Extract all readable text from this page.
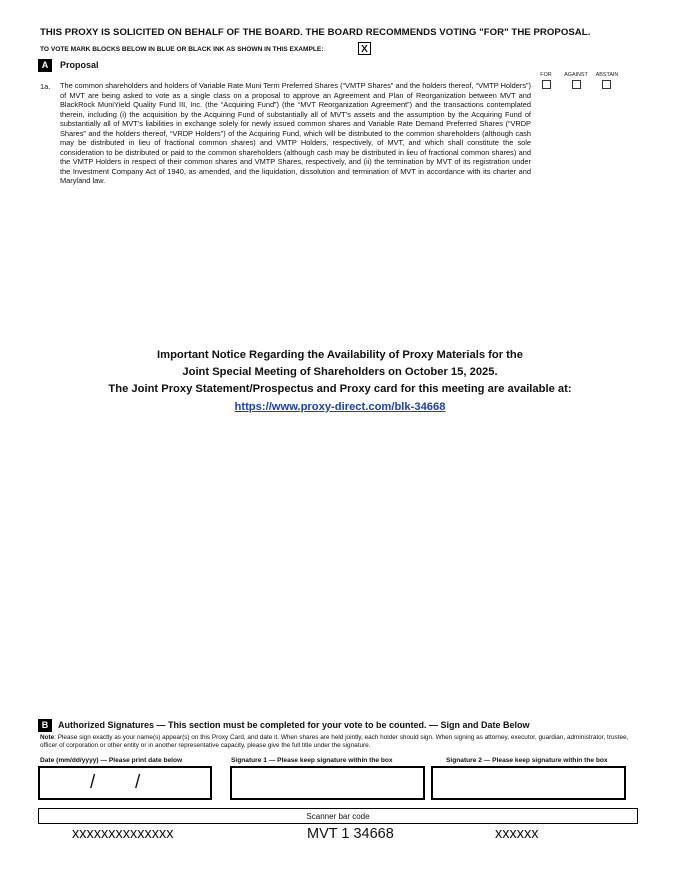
THIS PROXY IS SOLICITED ON BEHALF OF THE BOARD. THE BOARD RECOMMENDS VOTING "FOR" THE PROPOSAL.
TO VOTE MARK BLOCKS BELOW IN BLUE OR BLACK INK AS SHOWN IN THIS EXAMPLE:	X
A	Proposal
FOR	AGAINST	ABSTAIN
1a. The common shareholders and holders of Variable Rate Muni Term Preferred Shares (“VMTP Shares” and the holders thereof, “VMTP Holders”) of MVT are being asked to vote as a single class on a proposal to approve an Agreement and Plan of Reorganization between MVT and BlackRock MuniYield Quality Fund III, Inc. (the “Acquiring Fund”) (the “MVT Reorganization Agreement”) and the transactions contemplated therein, including (i) the acquisition by the Acquiring Fund of substantially all of MVT’s assets and the assumption by the Acquiring Fund of substantially all of MVT’s liabilities in exchange solely for newly issued common shares and Variable Rate Demand Preferred Shares (“VRDP Shares” and the holders thereof, “VRDP Holders”) of the Acquiring Fund, which will be distributed to the common shareholders (although cash may be distributed in lieu of fractional common shares) and VMTP Holders, respectively, of MVT, and which shall constitute the sole consideration to be distributed or paid to the common shareholders (although cash may be distributed in lieu of fractional common shares) and the VMTP Holders in respect of their common shares and VMTP Shares, respectively, and (ii) the termination by MVT of its registration under the Investment Company Act of 1940, as amended, and the liquidation, dissolution and termination of MVT in accordance with its charter and Maryland law.
Important Notice Regarding the Availability of Proxy Materials for the
Joint Special Meeting of Shareholders on October 15, 2025.
The Joint Proxy Statement/Prospectus and Proxy card for this meeting are available at:
https://www.proxy-direct.com/blk-34668
B	Authorized Signatures — This section must be completed for your vote to be counted. — Sign and Date Below
Note: Please sign exactly as your name(s) appear(s) on this Proxy Card, and date it. When shares are held jointly, each holder should sign. When signing as attorney, executor, guardian, administrator, trustee, officer of corporation or other entity or in another representative capacity, please give the full title under the signature.
Date (mm/dd/yyyy) — Please print date below	Signature 1 — Please keep signature within the box	Signature 2 — Please keep signature within the box
/ /
Scanner bar code
xxxxxxxxxxxxxx	MVT 1 34668	xxxxxx
